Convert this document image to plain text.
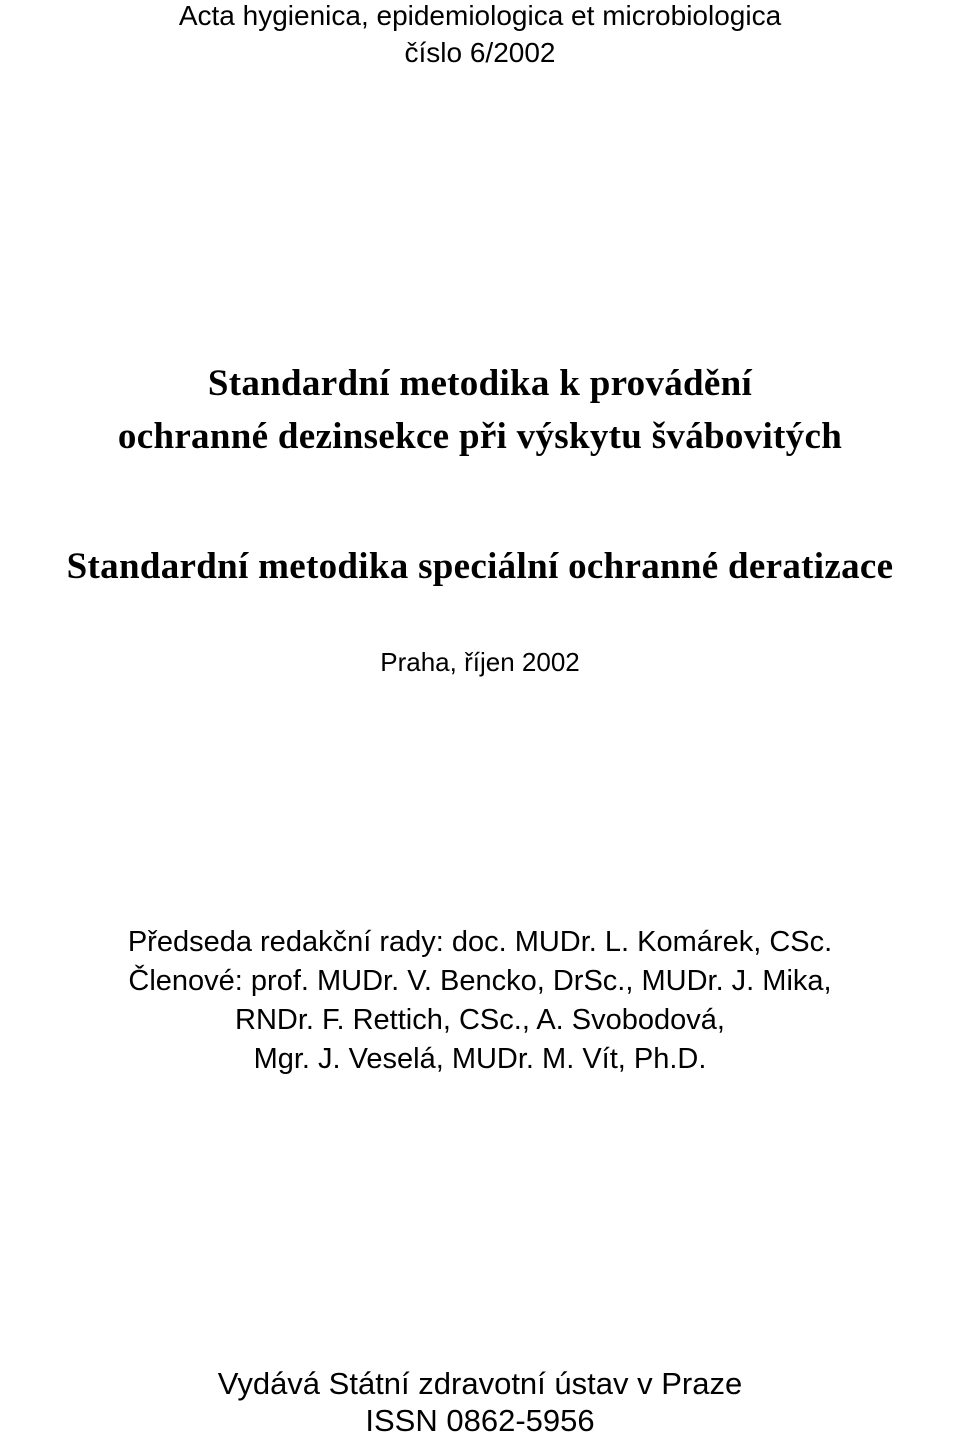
Acta hygienica, epidemiologica et microbiologica
číslo 6/2002
Standardní metodika k provádění
ochranné dezinsekce při výskytu švábovitých
Standardní metodika speciální ochranné deratizace
Praha, říjen 2002
Předseda redakční rady: doc. MUDr. L. Komárek, CSc.
Členové: prof. MUDr. V. Bencko, DrSc., MUDr. J. Mika,
RNDr. F. Rettich, CSc., A. Svobodová,
Mgr. J. Veselá, MUDr. M. Vít, Ph.D.
Vydává Státní zdravotní ústav v Praze
ISSN 0862-5956
